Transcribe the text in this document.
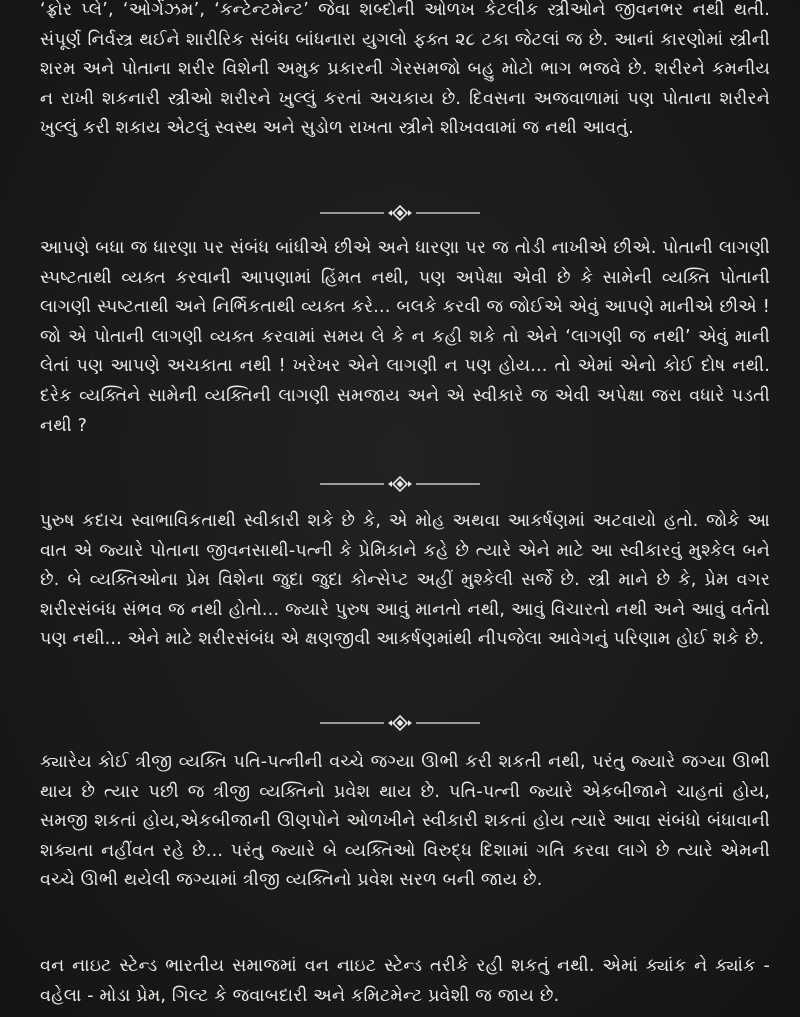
‘ફ્રોર પ્લે’, ‘ઓર્ગેઝમ’, ‘કન્ટેન્ટમેન્ટ’ જેવા શબ્દોની ઓળખ કેટલીક સ્ત્રીઓને જીવનભર નથી થતી. સંપૂર્ણ નિર્વસ્ત્ર થઈને શારીરિક સંબંધ બાંધનારા યુગલો ફક્ત ૨૮ ટકા જેટલાં જ છે. આનાં કારણોમાં સ્ત્રીની શરમ અને પોતાના શરીર વિશેની અમુક પ્રકારની ગેરસમજો બહુ મોટો ભાગ ભજવે છે. શરીરને કમનીય ન રાખી શકનારી સ્ત્રીઓ શરીરને ખુલ્લું કરતાં અચકાય છે. દિવસના અજવાળામાં પણ પોતાના શરીરને ખુલ્લું કરી શકાય એટલું સ્વસ્થ અને સુડોળ રાખતા સ્ત્રીને શીખવવામાં જ નથી આવતું.

આપણે બધા જ ધારણા પર સંબંધ બાંધીએ છીએ અને ધારણા પર જ તોડી નાખીએ છીએ. પોતાની લાગણી સ્પષ્ટતાથી વ્યક્ત કરવાની આપણામાં હિંમત નથી, પણ અપેક્ષા એવી છે કે સામેની વ્યક્તિ પોતાની લાગણી સ્પષ્ટતાથી અને નિર્ભિકતાથી વ્યક્ત કરે... બલકે કરવી જ જોઈએ એવું આપણે માનીએ છીએ ! જો એ પોતાની લાગણી વ્યક્ત કરવામાં સમય લે કે ન કહી શકે તો એને ‘લાગણી જ નથી’ એવું માની લેતાં પણ આપણે અચકાતા નથી ! ખરેખર એને લાગણી ન પણ હોય... તો એમાં એનો કોઈ દોષ નથી. દરેક વ્યક્તિને સામેની વ્યક્તિની લાગણી સમજાય અને એ સ્વીકારે જ એવી અપેક્ષા જરા વધારે પડતી નથી ?

પુરુષ કદાચ સ્વાભાવિકતાથી સ્વીકારી શકે છે કે, એ મોહ અથવા આકર્ષણમાં અટવાયો હતો. જોકે આ વાત એ જ્યારે પોતાના જીવનસાથી-પત્ની કે પ્રેમિકાને કહે છે ત્યારે એને માટે આ સ્વીકારવું મુશ્કેલ બને છે. બે વ્યક્તિઓના પ્રેમ વિશેના જુદા જુદા કોન્સેપ્ટ અહીં મુશ્કેલી સર્જે છે. સ્ત્રી માને છે કે, પ્રેમ વગર શરીરસંબંધ સંભવ જ નથી હોતો... જ્યારે પુરુષ આવું માનતો નથી, આવું વિચારતો નથી અને આવું વર્તતો પણ નથી... એને માટે શરીરસંબંધ એ ક્ષણજીવી આકર્ષણમાંથી નીપજેલા આવેગનું પરિણામ હોઈ શકે છે.

ક્યારેય કોઈ ત્રીજી વ્યક્તિ પતિ-પત્નીની વચ્ચે જગ્યા ઊભી કરી શકતી નથી, પરંતુ જ્યારે જગ્યા ઊભી થાય છે ત્યાર પછી જ ત્રીજી વ્યક્તિનો પ્રવેશ થાય છે. પતિ-પત્ની જ્યારે એકબીજાને ચાહતાં હોય, સમજી શકતાં હોય,એકબીજાની ઊણપોને ઓળખીને સ્વીકારી શકતાં હોય ત્યારે આવા સંબંધો બંધાવાની શક્યતા નહીંવત રહે છે... પરંતુ જ્યારે બે વ્યક્તિઓ વિરુદ્ધ દિશામાં ગતિ કરવા લાગે છે ત્યારે એમની વચ્ચે ઊભી થયેલી જગ્યામાં ત્રીજી વ્યક્તિનો પ્રવેશ સરળ બની જાય છે.

વન નાઇટ સ્ટેન્ડ ભારતીય સમાજમાં વન નાઇટ સ્ટેન્ડ તરીકે રહી શકતું નથી. એમાં ક્યાંક ને ક્યાંક - વહેલા - મોડા પ્રેમ, ગિલ્ટ કે જવાબદારી અને કમિટમેન્ટ પ્રવેશી જ જાય છે.
